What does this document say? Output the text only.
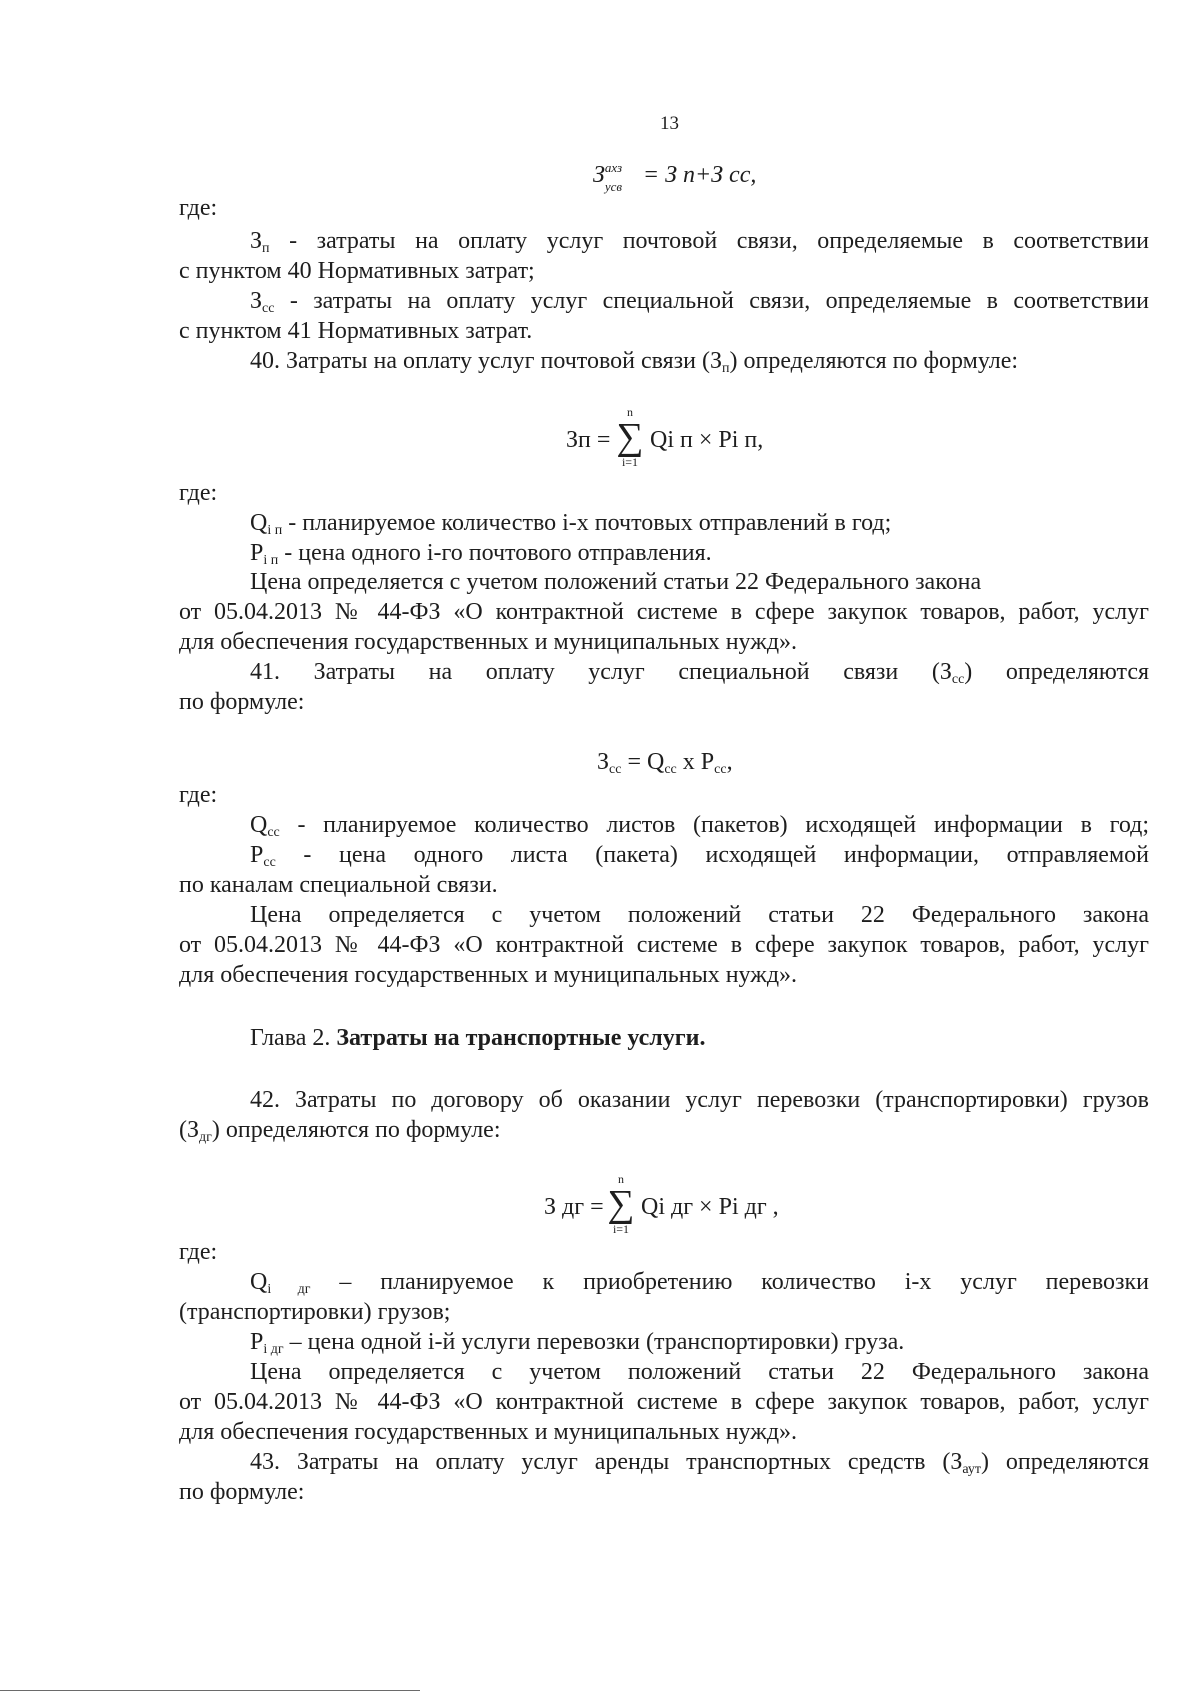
13
З ахз
усв = З п+З сс,
где:
$З_п$ - затраты на оплату услуг почтовой связи, определяемые в соответствии
с пунктом 40 Нормативных затрат;
$З_{сс}$ - затраты на оплату услуг специальной связи, определяемые в соответствии
с пунктом 41 Нормативных затрат.
40. Затраты на оплату услуг почтовой связи $(З_п)$ определяются по формуле:
Зп =
n
∑
i=1
Qi п × Pi п,
где:
$Q_{i п}$ - планируемое количество i-х почтовых отправлений в год;
$P_{i п}$ - цена одного i-го почтового отправления.
Цена определяется с учетом положений статьи 22 Федерального закона
от 05.04.2013 № 44-ФЗ «О контрактной системе в сфере закупок товаров, работ, услуг
для обеспечения государственных и муниципальных нужд».
41. Затраты на оплату услуг специальной связи $(З_{сс})$ определяются
по формуле:
$З_{сс} = Q_{сс}$ x $P_{сс}$,
где:
$Q_{сс}$ - планируемое количество листов (пакетов) исходящей информации в год;
$P_{сс}$ - цена одного листа (пакета) исходящей информации, отправляемой
по каналам специальной связи.
Цена определяется с учетом положений статьи 22 Федерального закона
от 05.04.2013 № 44-ФЗ «О контрактной системе в сфере закупок товаров, работ, услуг
для обеспечения государственных и муниципальных нужд».
Глава 2. Затраты на транспортные услуги.
42. Затраты по договору об оказании услуг перевозки (транспортировки) грузов
$(З_{дг})$ определяются по формуле:
З дг =
n
∑
i=1
Qi дг × Pi дг ,
где:
$Q_{i дг}$ – планируемое к приобретению количество i-х услуг перевозки
(транспортировки) грузов;
$P_{i дг}$ – цена одной i-й услуги перевозки (транспортировки) груза.
Цена определяется с учетом положений статьи 22 Федерального закона
от 05.04.2013 № 44-ФЗ «О контрактной системе в сфере закупок товаров, работ, услуг
для обеспечения государственных и муниципальных нужд».
43. Затраты на оплату услуг аренды транспортных средств $(З_{аут})$ определяются
по формуле:
